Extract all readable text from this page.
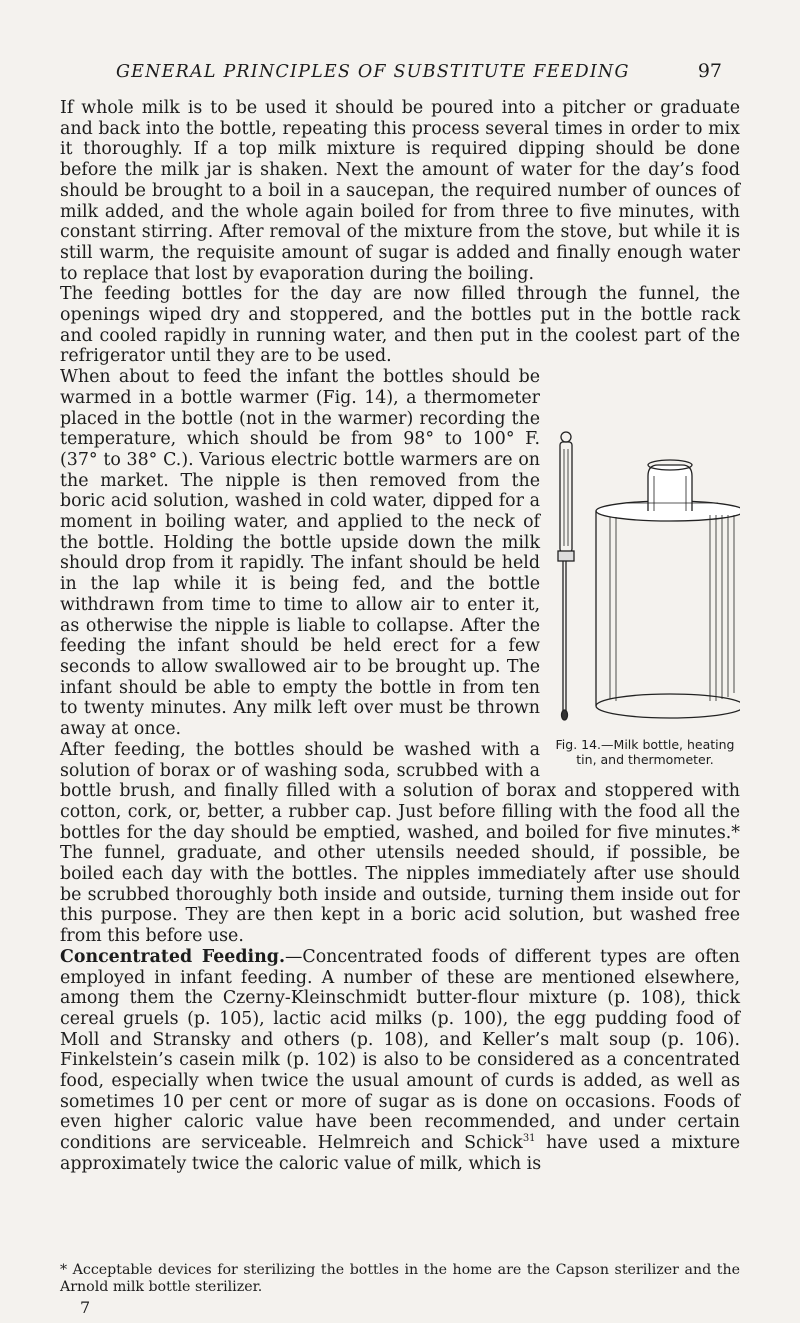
GENERAL PRINCIPLES OF SUBSTITUTE FEEDING	97

If whole milk is to be used it should be poured into a pitcher or graduate and back into the bottle, repeating this process several times in order to mix it thoroughly. If a top milk mixture is required dipping should be done before the milk jar is shaken. Next the amount of water for the day’s food should be brought to a boil in a saucepan, the required number of ounces of milk added, and the whole again boiled for from three to five minutes, with constant stirring. After removal of the mixture from the stove, but while it is still warm, the requisite amount of sugar is added and finally enough water to replace that lost by evaporation during the boiling.

The feeding bottles for the day are now filled through the funnel, the openings wiped dry and stoppered, and the bottles put in the bottle rack and cooled rapidly in running water, and then put in the coolest part of the refrigerator until they are to be used.

Fig. 14.—Milk bottle, heating tin, and thermometer.

When about to feed the infant the bottles should be warmed in a bottle warmer (Fig. 14), a thermometer placed in the bottle (not in the warmer) recording the temperature, which should be from 98° to 100° F. (37° to 38° C.). Various electric bottle warmers are on the market. The nipple is then removed from the boric acid solution, washed in cold water, dipped for a moment in boiling water, and applied to the neck of the bottle. Holding the bottle upside down the milk should drop from it rapidly. The infant should be held in the lap while it is being fed, and the bottle withdrawn from time to time to allow air to enter it, as otherwise the nipple is liable to collapse. After the feeding the infant should be held erect for a few seconds to allow swallowed air to be brought up. The infant should be able to empty the bottle in from ten to twenty minutes. Any milk left over must be thrown away at once.

After feeding, the bottles should be washed with a solution of borax or of washing soda, scrubbed with a bottle brush, and finally filled with a solution of borax and stoppered with cotton, cork, or, better, a rubber cap. Just before filling with the food all the bottles for the day should be emptied, washed, and boiled for five minutes.* The funnel, graduate, and other utensils needed should, if possible, be boiled each day with the bottles. The nipples immediately after use should be scrubbed thoroughly both inside and outside, turning them inside out for this purpose. They are then kept in a boric acid solution, but washed free from this before use.

Concentrated Feeding.—Concentrated foods of different types are often employed in infant feeding. A number of these are mentioned elsewhere, among them the Czerny-Kleinschmidt butter-flour mixture (p. 108), thick cereal gruels (p. 105), lactic acid milks (p. 100), the egg pudding food of Moll and Stransky and others (p. 108), and Keller’s malt soup (p. 106). Finkelstein’s casein milk (p. 102) is also to be considered as a concentrated food, especially when twice the usual amount of curds is added, as well as sometimes 10 per cent or more of sugar as is done on occasions. Foods of even higher caloric value have been recommended, and under certain conditions are serviceable. Helmreich and Schick$^{31}$ have used a mixture approximately twice the caloric value of milk, which is

* Acceptable devices for sterilizing the bottles in the home are the Capson sterilizer and the Arnold milk bottle sterilizer.
7
